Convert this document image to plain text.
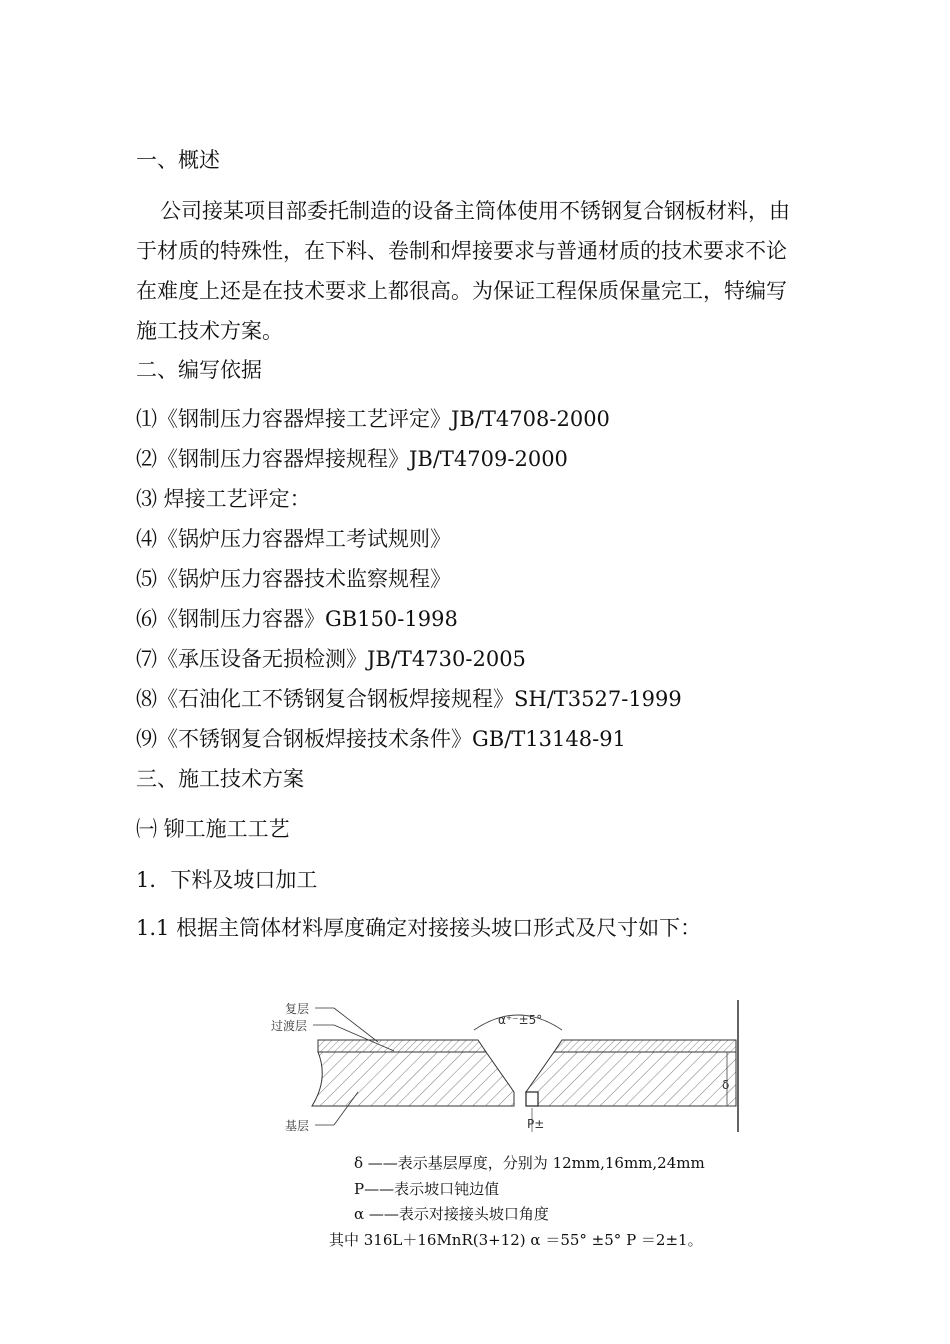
一、概述
公司接某项目部委托制造的设备主筒体使用不锈钢复合钢板材料，由
于材质的特殊性，在下料、卷制和焊接要求与普通材质的技术要求不论
在难度上还是在技术要求上都很高。为保证工程保质保量完工，特编写
施工技术方案。
二、编写依据
⑴《钢制压力容器焊接工艺评定》JB/T4708-2000
⑵《钢制压力容器焊接规程》JB/T4709-2000
⑶ 焊接工艺评定：
⑷《锅炉压力容器焊工考试规则》
⑸《锅炉压力容器技术监察规程》
⑹《钢制压力容器》GB150-1998
⑺《承压设备无损检测》JB/T4730-2005
⑻《石油化工不锈钢复合钢板焊接规程》SH/T3527-1999
⑼《不锈钢复合钢板焊接技术条件》GB/T13148-91
三、施工技术方案
㈠ 铆工施工工艺
1．下料及坡口加工
1.1 根据主筒体材料厚度确定对接接头坡口形式及尺寸如下：
α⁺⁻±5°
δ
P±
复层
过渡层
基层
δ ——表示基层厚度，分别为 12mm,16mm,24mm
P——表示坡口钝边值
α ——表示对接接头坡口角度
其中 316L＋16MnR(3+12) α ＝55° ±5° P ＝2±1。
